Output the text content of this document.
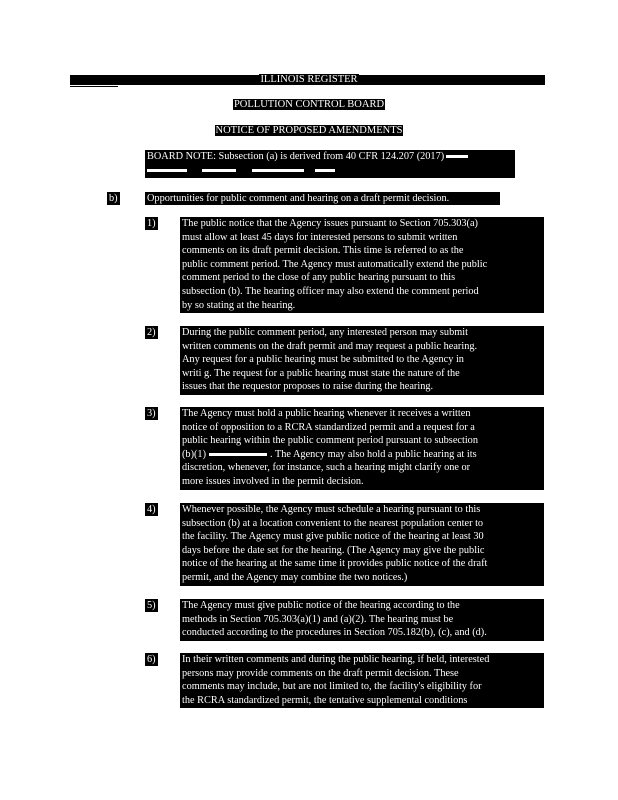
ILLINOIS REGISTER
POLLUTION CONTROL BOARD
NOTICE OF PROPOSED AMENDMENTS
BOARD NOTE: Subsection (a) is derived from 40 CFR 124.207 (2017)

b)	Opportunities for public comment and hearing on a draft permit decision.
1)	The public notice that the Agency issues pursuant to Section 705.303(a)
must allow at least 45 days for interested persons to submit written
comments on its draft permit decision. This time is referred to as the
public comment period. The Agency must automatically extend the public
comment period to the close of any public hearing pursuant to this
subsection (b). The hearing officer may also extend the comment period
by so stating at the hearing.
2)	During the public comment period, any interested person may submit
written comments on the draft permit and may request a public hearing.
Any request for a public hearing must be submitted to the Agency in
writi g. The request for a public hearing must state the nature of the
issues that the requestor proposes to raise during the hearing.
3)	The Agency must hold a public hearing whenever it receives a written
notice of opposition to a RCRA standardized permit and a request for a
public hearing within the public comment period pursuant to subsection
(b)(1)	. The Agency may also hold a public hearing at its
discretion, whenever, for instance, such a hearing might clarify one or
more issues involved in the permit decision.
4)	Whenever possible, the Agency must schedule a hearing pursuant to this
subsection (b) at a location convenient to the nearest population center to
the facility. The Agency must give public notice of the hearing at least 30
days before the date set for the hearing. (The Agency may give the public
notice of the hearing at the same time it provides public notice of the draft
permit, and the Agency may combine the two notices.)
5)	The Agency must give public notice of the hearing according to the
methods in Section 705.303(a)(1) and (a)(2). The hearing must be
conducted according to the procedures in Section 705.182(b), (c), and (d).
6)	In their written comments and during the public hearing, if held, interested
persons may provide comments on the draft permit decision. These
comments may include, but are not limited to, the facility's eligibility for
the RCRA standardized permit, the tentative supplemental conditions
